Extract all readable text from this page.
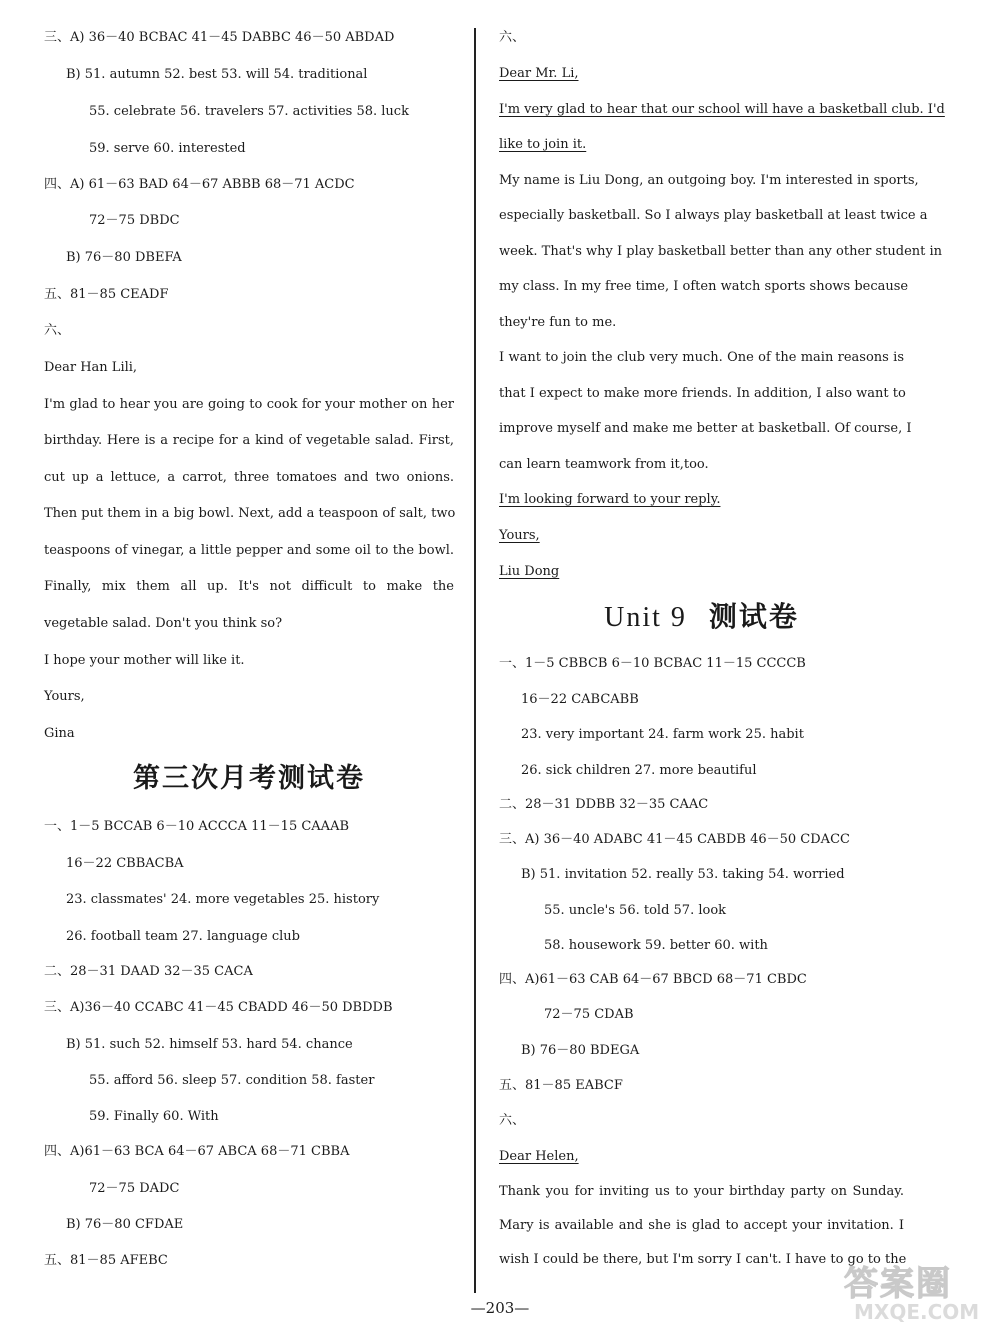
三、A) 36－40 BCBAC 41－45 DABBC 46－50 ABDAD
B) 51. autumn 52. best 53. will 54. traditional
55. celebrate 56. travelers 57. activities 58. luck
59. serve 60. interested
四、A) 61－63 BAD 64－67 ABBB 68－71 ACDC
72－75 DBDC
B) 76－80 DBEFA
五、81－85 CEADF
六、
Dear Han Lili,
I'm glad to hear you are going to cook for your mother on her
birthday. Here is a recipe for a kind of vegetable salad. First,
cut up a lettuce, a carrot, three tomatoes and two onions.
Then put them in a big bowl. Next, add a teaspoon of salt, two
teaspoons of vinegar, a little pepper and some oil to the bowl.
Finally, mix them all up. It's not difficult to make the
vegetable salad. Don't you think so?
I hope your mother will like it.
Yours,
Gina
第三次月考测试卷
一、1－5 BCCAB 6－10 ACCCA 11－15 CAAAB
16－22 CBBACBA
23. classmates' 24. more vegetables 25. history
26. football team 27. language club
二、28－31 DAAD 32－35 CACA
三、A)36－40 CCABC 41－45 CBADD 46－50 DBDDB
B) 51. such 52. himself 53. hard 54. chance
55. afford 56. sleep 57. condition 58. faster
59. Finally 60. With
四、A)61－63 BCA 64－67 ABCA 68－71 CBBA
72－75 DADC
B) 76－80 CFDAE
五、81－85 AFEBC
六、
Dear Mr. Li,
I'm very glad to hear that our school will have a basketball club. I'd
like to join it.
My name is Liu Dong, an outgoing boy. I'm interested in sports,
especially basketball. So I always play basketball at least twice a
week. That's why I play basketball better than any other student in
my class. In my free time, I often watch sports shows because
they're fun to me.
I want to join the club very much. One of the main reasons is
that I expect to make more friends. In addition, I also want to
improve myself and make me better at basketball. Of course, I
can learn teamwork from it,too.
I'm looking forward to your reply.
Yours,
Liu Dong
Unit 9 测试卷
一、1－5 CBBCB 6－10 BCBAC 11－15 CCCCB
16－22 CABCABB
23. very important 24. farm work 25. habit
26. sick children 27. more beautiful
二、28－31 DDBB 32－35 CAAC
三、A) 36－40 ADABC 41－45 CABDB 46－50 CDACC
B) 51. invitation 52. really 53. taking 54. worried
55. uncle's 56. told 57. look
58. housework 59. better 60. with
四、A)61－63 CAB 64－67 BBCD 68－71 CBDC
72－75 CDAB
B) 76－80 BDEGA
五、81－85 EABCF
六、
Dear Helen,
Thank you for inviting us to your birthday party on Sunday.
Mary is available and she is glad to accept your invitation. I
wish I could be there, but I'm sorry I can't. I have to go to the
—203—
答案圈
MXQE.COM
